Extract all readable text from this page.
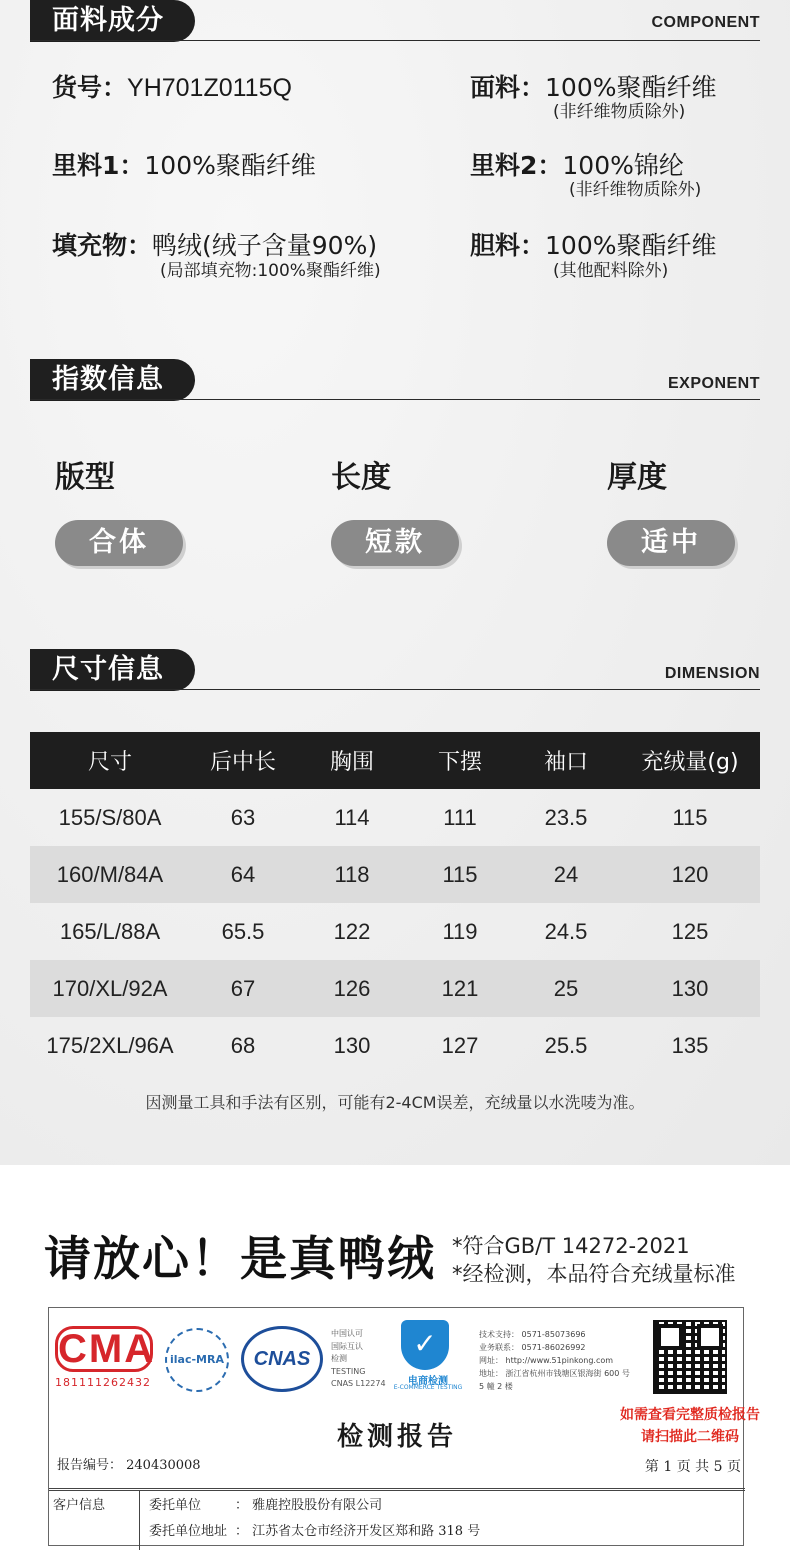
面料成分	COMPONENT
货号：YH701Z0115Q	面料：100%聚酯纤维
(非纤维物质除外)
里料1：100%聚酯纤维	里料2：100%锦纶
(非纤维物质除外)
填充物：鸭绒(绒子含量90%)
(局部填充物:100%聚酯纤维)
胆料：100%聚酯纤维
(其他配料除外)
指数信息	EXPONENT
版型	长度	厚度
合体	短款	适中
尺寸信息	DIMENSION
尺寸	后中长	胸围	下摆	袖口	充绒量(g)
155/S/80A	63	114	111	23.5	115
160/M/84A	64	118	115	24	120
165/L/88A	65.5	122	119	24.5	125
170/XL/92A	67	126	121	25	130
175/2XL/96A	68	130	127	25.5	135
因测量工具和手法有区别，可能有2-4CM误差，充绒量以水洗唛为准。
请放心！是真鸭绒 *符合GB/T 14272-2021
*经检测，本品符合充绒量标准
CMA
181111262432
ilac-MRA	CNAS
中国认可
国际互认
检测
TESTING
CNAS L12274
✓
电商检测
E-COMMERCE TESTING
技术支持： 0571-85073696
业务联系： 0571-86026992
网址： http://www.51pinkong.com
地址： 浙江省杭州市钱塘区银海街 600 号
5 幢 2 楼
如需查看完整质检报告
请扫描此二维码
检测报告
报告编号： 240430008	第 1 页 共 5 页
客户信息	委托单位	： 雅鹿控股股份有限公司
委托单位地址 ： 江苏省太仓市经济开发区郑和路 318 号
